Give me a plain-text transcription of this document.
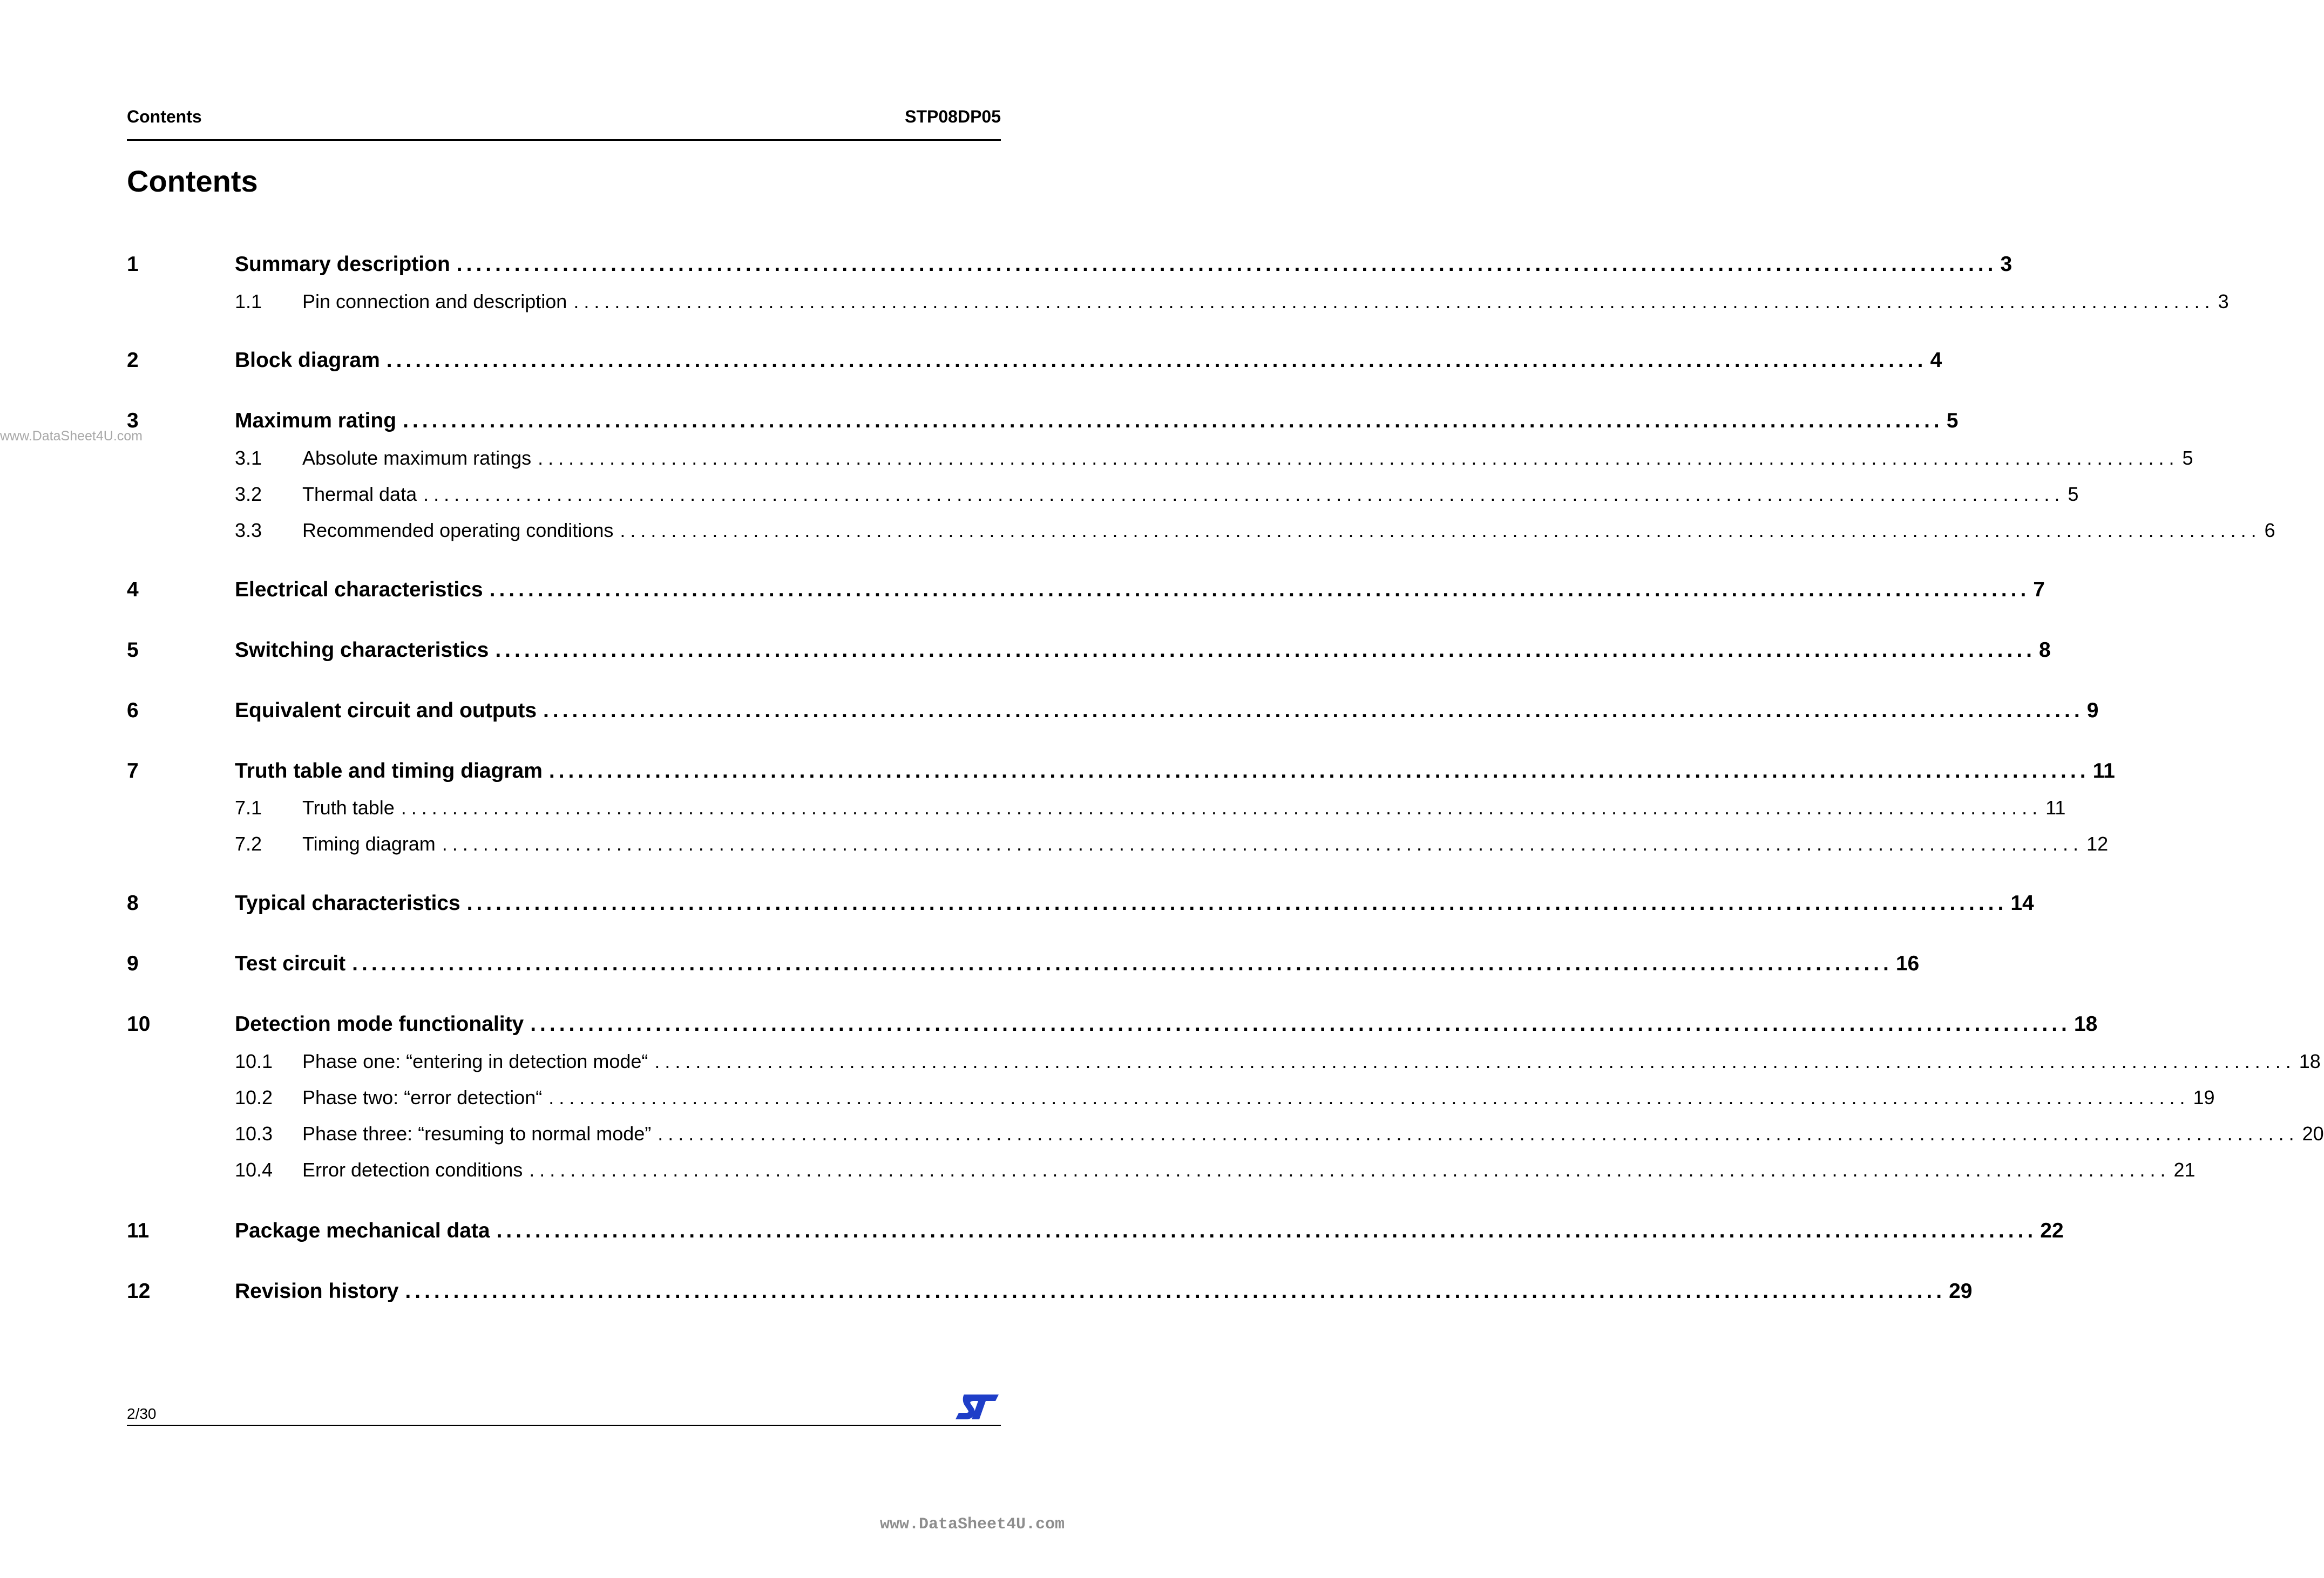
Contents	STP08DP05
Contents
1	Summary description ................................................................................................................................................................ 3
1.1	Pin connection and description ................................................................................................................................................................ 3
2	Block diagram ................................................................................................................................................................ 4
3	Maximum rating ................................................................................................................................................................ 5
3.1	Absolute maximum ratings ................................................................................................................................................................ 5
3.2	Thermal data ................................................................................................................................................................ 5
3.3	Recommended operating conditions ................................................................................................................................................................ 6
4	Electrical characteristics ................................................................................................................................................................ 7
5	Switching characteristics ................................................................................................................................................................ 8
6	Equivalent circuit and outputs ................................................................................................................................................................ 9
7	Truth table and timing diagram ................................................................................................................................................................ 11
7.1	Truth table ................................................................................................................................................................ 11
7.2	Timing diagram ................................................................................................................................................................ 12
8	Typical characteristics ................................................................................................................................................................ 14
9	Test circuit ................................................................................................................................................................ 16
10	Detection mode functionality ................................................................................................................................................................ 18
10.1	Phase one: “entering in detection mode“ ................................................................................................................................................................ 18
10.2	Phase two: “error detection“ ................................................................................................................................................................ 19
10.3	Phase three: “resuming to normal mode” ................................................................................................................................................................ 20
10.4	Error detection conditions ................................................................................................................................................................ 21
11	Package mechanical data ................................................................................................................................................................ 22
12	Revision history ................................................................................................................................................................ 29
www.DataSheet4U.com
2/30
www.DataSheet4U.com
